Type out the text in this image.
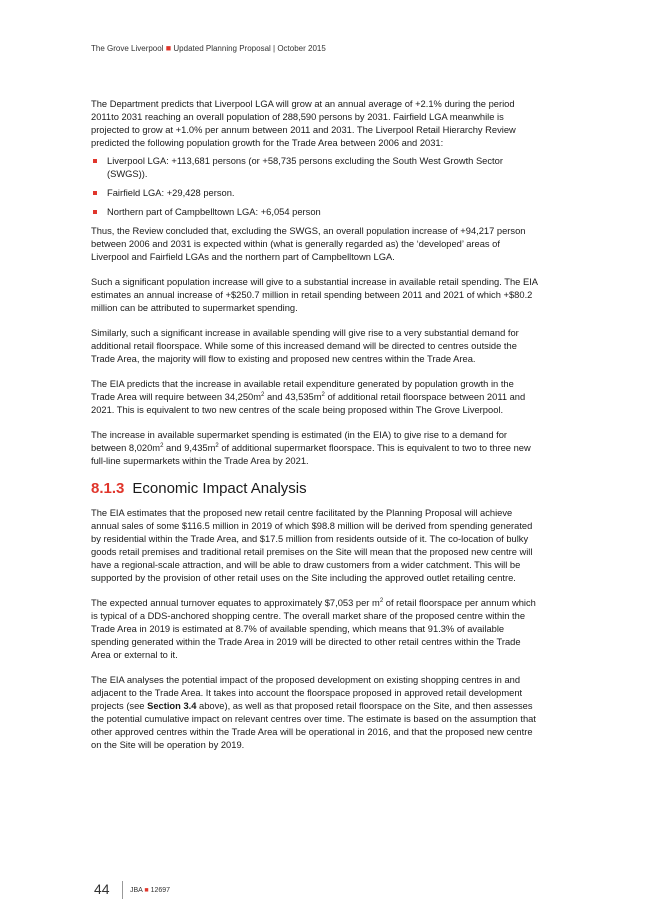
The Grove Liverpool ■ Updated Planning Proposal | October 2015

The Department predicts that Liverpool LGA will grow at an annual average of +2.1% during the period 2011to 2031 reaching an overall population of 288,590 persons by 2031. Fairfield LGA meanwhile is projected to grow at +1.0% per annum between 2011 and 2031. The Liverpool Retail Hierarchy Review predicted the following population growth for the Trade Area between 2006 and 2031:

Liverpool LGA: +113,681 persons (or +58,735 persons excluding the South West Growth Sector (SWGS)).
Fairfield LGA: +29,428 person.
Northern part of Campbelltown LGA: +6,054 person

Thus, the Review concluded that, excluding the SWGS, an overall population increase of +94,217 person between 2006 and 2031 is expected within (what is generally regarded as) the ‘developed’ areas of Liverpool and Fairfield LGAs and the northern part of Campbelltown LGA.

Such a significant population increase will give to a substantial increase in available retail spending. The EIA estimates an annual increase of +$250.7 million in retail spending between 2011 and 2021 of which +$80.2 million can be attributed to supermarket spending.

Similarly, such a significant increase in available spending will give rise to a very substantial demand for additional retail floorspace. While some of this increased demand will be directed to centres outside the Trade Area, the majority will flow to existing and proposed new centres within the Trade Area.

The EIA predicts that the increase in available retail expenditure generated by population growth in the Trade Area will require between $34,250m^2$ and $43,535m^2$ of additional retail floorspace between 2011 and 2021. This is equivalent to two new centres of the scale being proposed within The Grove Liverpool.

The increase in available supermarket spending is estimated (in the EIA) to give rise to a demand for between $8,020m^2$ and $9,435m^2$ of additional supermarket floorspace. This is equivalent to two to three new full-line supermarkets within the Trade Area by 2021.

8.1.3 Economic Impact Analysis

The EIA estimates that the proposed new retail centre facilitated by the Planning Proposal will achieve annual sales of some $116.5 million in 2019 of which $98.8 million will be derived from spending generated by residential within the Trade Area, and $17.5 million from residents outside of it. The co-location of bulky goods retail premises and traditional retail premises on the Site will mean that the proposed new centre will have a regional-scale attraction, and will be able to draw customers from a wider catchment. This will be supported by the provision of other retail uses on the Site including the approved outlet retailing centre.

The expected annual turnover equates to approximately $7,053 per $m^2$ of retail floorspace per annum which is typical of a DDS-anchored shopping centre. The overall market share of the proposed centre within the Trade Area in 2019 is estimated at 8.7% of available spending, which means that 91.3% of available spending generated within the Trade Area in 2019 will be directed to other retail centres within the Trade Area or external to it.

The EIA analyses the potential impact of the proposed development on existing shopping centres in and adjacent to the Trade Area. It takes into account the floorspace proposed in approved retail development projects (see Section 3.4 above), as well as that proposed retail floorspace on the Site, and then assesses the potential cumulative impact on relevant centres over time. The estimate is based on the assumption that other approved centres within the Trade Area will be operational in 2016, and that the proposed new centre on the Site will be operation by 2019.

44	JBA ■ 12697
